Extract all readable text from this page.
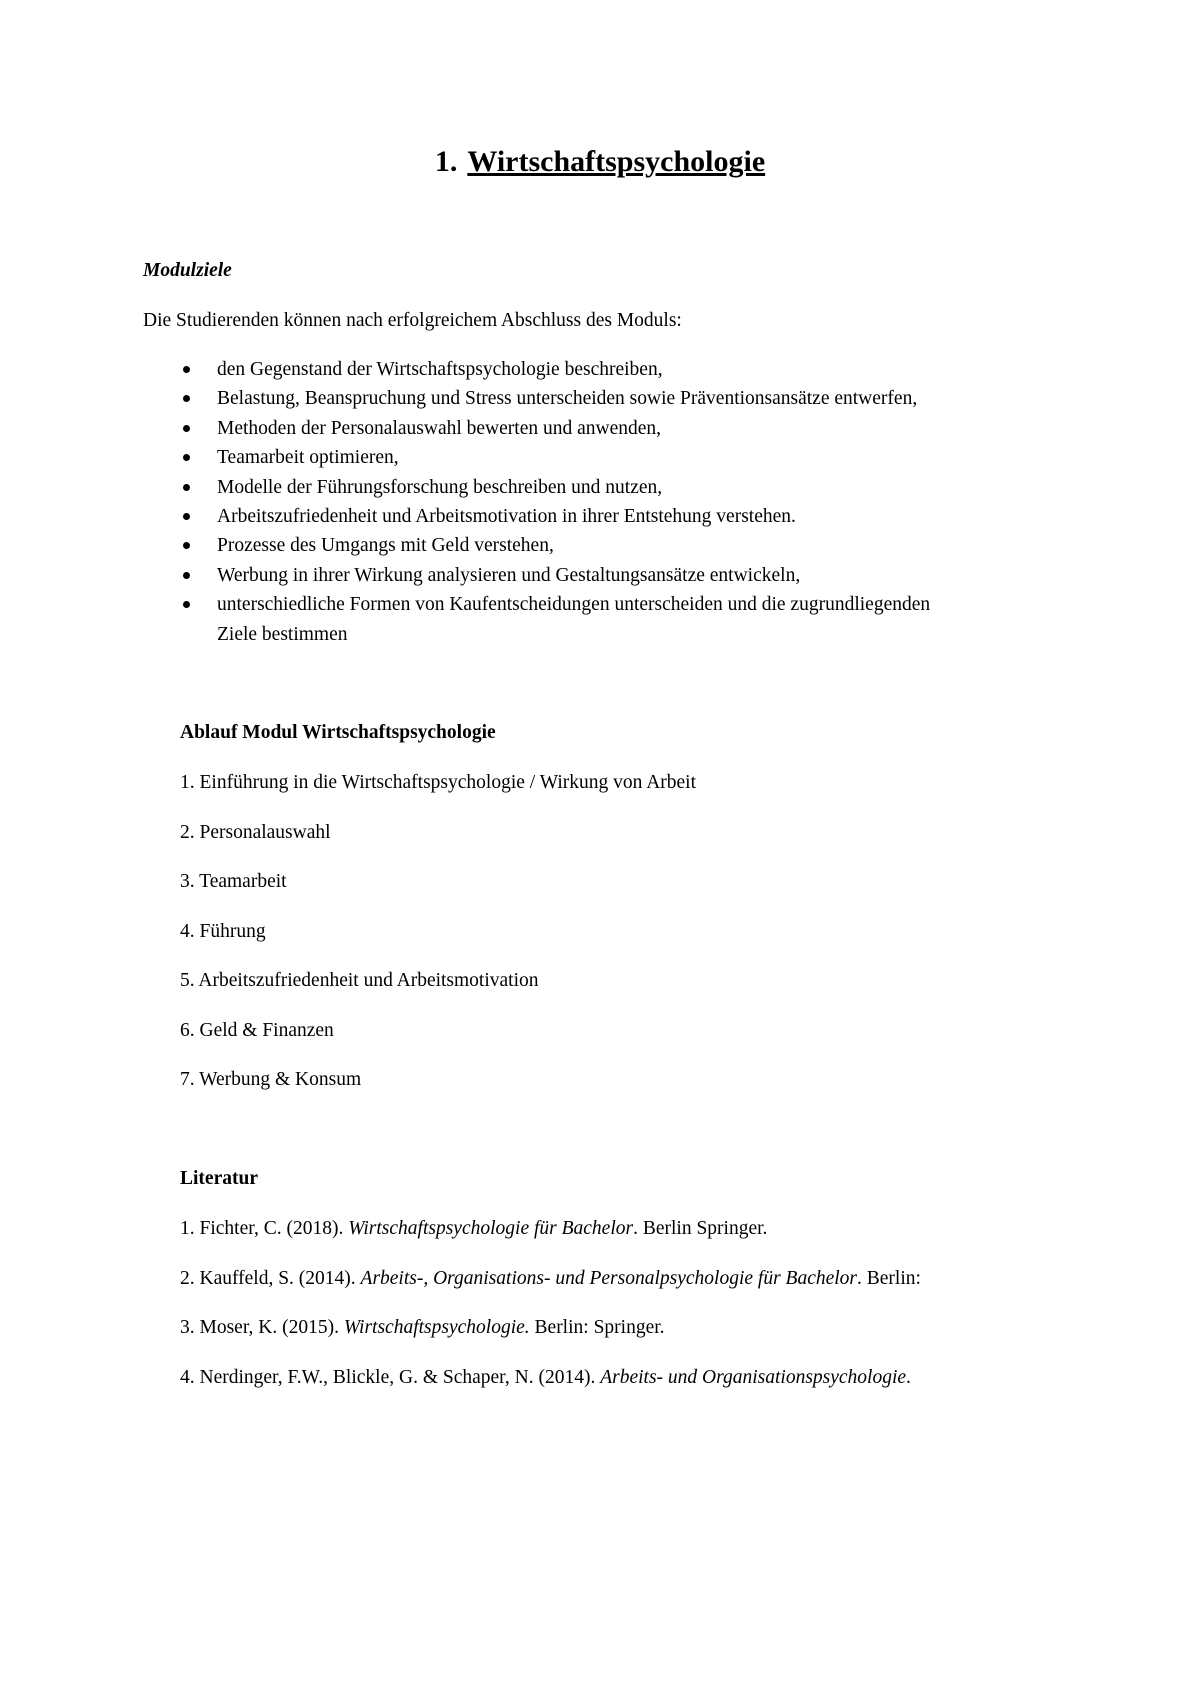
1. Wirtschaftspsychologie
Modulziele
Die Studierenden können nach erfolgreichem Abschluss des Moduls:
den Gegenstand der Wirtschaftspsychologie beschreiben,
Belastung, Beanspruchung und Stress unterscheiden sowie Präventionsansätze entwerfen,
Methoden der Personalauswahl bewerten und anwenden,
Teamarbeit optimieren,
Modelle der Führungsforschung beschreiben und nutzen,
Arbeitszufriedenheit und Arbeitsmotivation in ihrer Entstehung verstehen.
Prozesse des Umgangs mit Geld verstehen,
Werbung in ihrer Wirkung analysieren und Gestaltungsansätze entwickeln,
unterschiedliche Formen von Kaufentscheidungen unterscheiden und die zugrundliegenden
Ziele bestimmen
Ablauf Modul Wirtschaftspsychologie
1. Einführung in die Wirtschaftspsychologie / Wirkung von Arbeit
2. Personalauswahl
3. Teamarbeit
4. Führung
5. Arbeitszufriedenheit und Arbeitsmotivation
6. Geld & Finanzen
7. Werbung & Konsum
Literatur
1. Fichter, C. (2018). Wirtschaftspsychologie für Bachelor. Berlin Springer.
2. Kauffeld, S. (2014). Arbeits-, Organisations- und Personalpsychologie für Bachelor. Berlin:
3. Moser, K. (2015). Wirtschaftspsychologie. Berlin: Springer.
4. Nerdinger, F.W., Blickle, G. & Schaper, N. (2014). Arbeits- und Organisationspsychologie.
